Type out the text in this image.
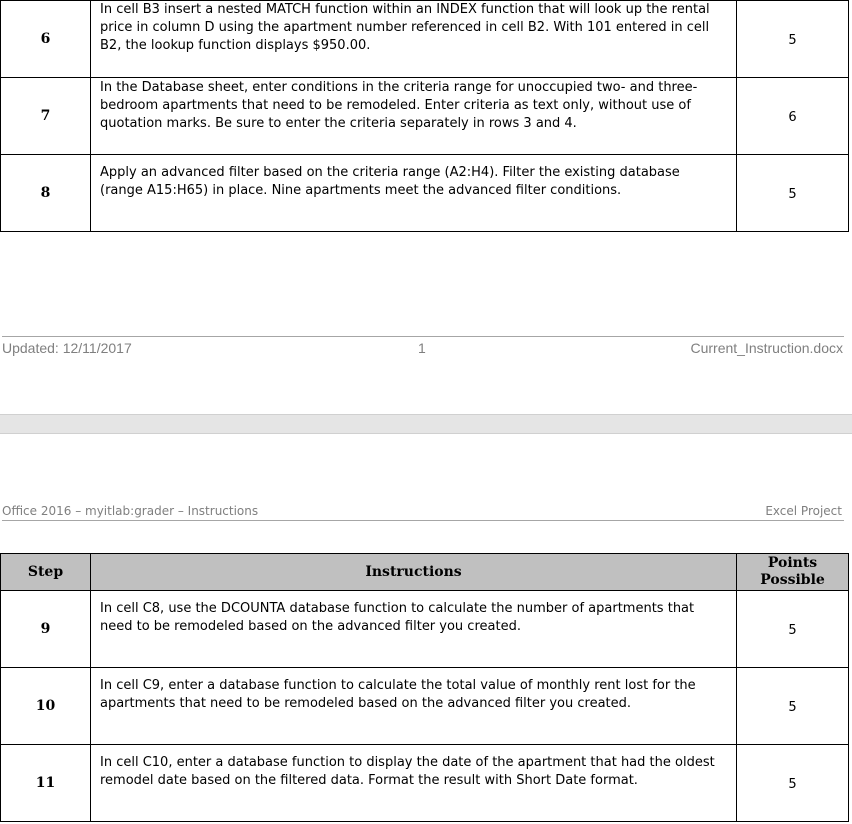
6	In cell B3 insert a nested MATCH function within an INDEX function that will look up the rental price in column D using the apartment number referenced in cell B2. With 101 entered in cell B2, the lookup function displays $950.00.	5
7	In the Database sheet, enter conditions in the criteria range for unoccupied two- and three-bedroom apartments that need to be remodeled. Enter criteria as text only, without use of quotation marks. Be sure to enter the criteria separately in rows 3 and 4.	6
8	Apply an advanced filter based on the criteria range (A2:H4). Filter the existing database (range A15:H65) in place. Nine apartments meet the advanced filter conditions.	5
Updated: 12/11/2017	1	Current_Instruction.docx
Office 2016 – myitlab:grader – Instructions	Excel Project
Step	Instructions	Points
Possible

9	In cell C8, use the DCOUNTA database function to calculate the number of apartments that need to be remodeled based on the advanced filter you created.	5
10	In cell C9, enter a database function to calculate the total value of monthly rent lost for the apartments that need to be remodeled based on the advanced filter you created.	5
11	In cell C10, enter a database function to display the date of the apartment that had the oldest remodel date based on the filtered data. Format the result with Short Date format.	5
